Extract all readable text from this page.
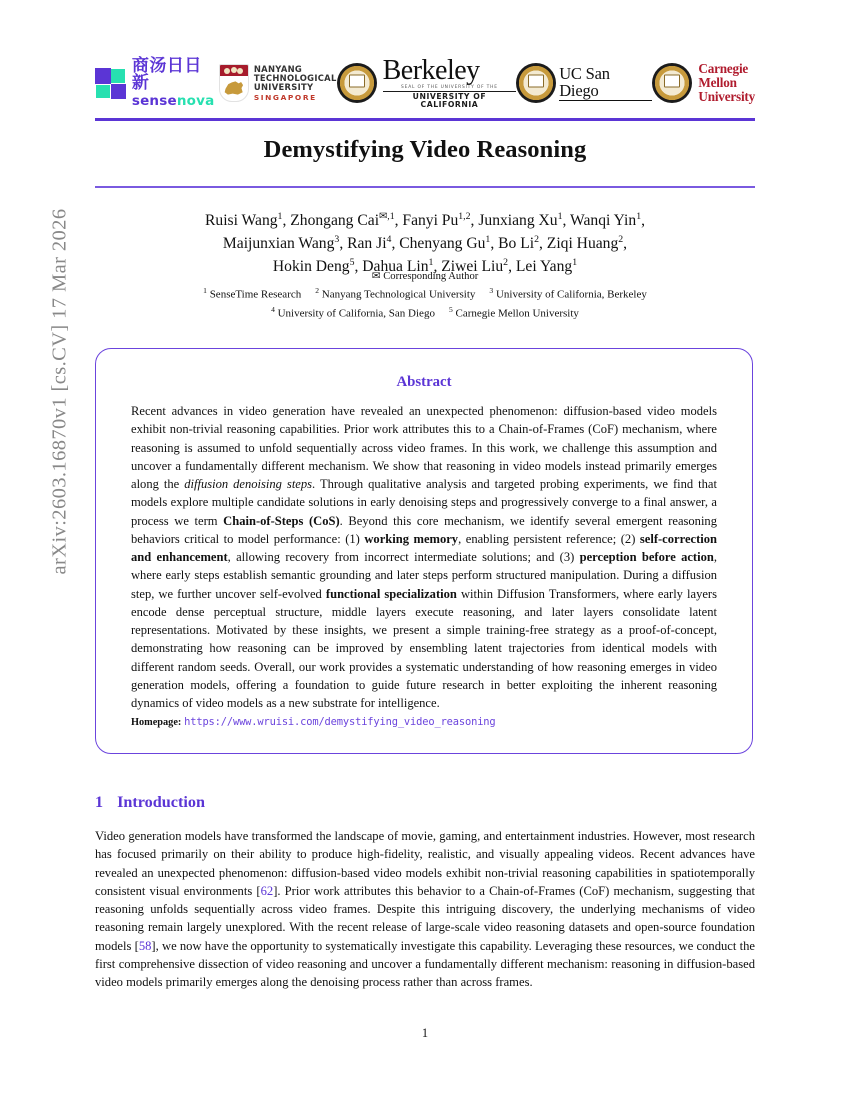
arXiv:2603.16870v1 [cs.CV] 17 Mar 2026
商汤日日新
sensenova
NANYANG
TECHNOLOGICAL
UNIVERSITY
SINGAPORE
Berkeley
SEAL OF THE UNIVERSITY OF THE
UNIVERSITY OF CALIFORNIA
UC San Diego
Carnegie
Mellon
University
Demystifying Video Reasoning
Ruisi Wang$^1$, Zhongang Cai$^{✉,1}$, Fanyi Pu$^{1,2}$, Junxiang Xu$^1$, Wanqi Yin$^1$,
Maijunxian Wang$^3$, Ran Ji$^4$, Chenyang Gu$^1$, Bo Li$^2$, Ziqi Huang$^2$,
Hokin Deng$^5$, Dahua Lin$^1$, Ziwei Liu$^2$, Lei Yang$^1$
✉ Corresponding Author
$^1$ SenseTime Research $^2$ Nanyang Technological University $^3$ University of California, Berkeley
$^4$ University of California, San Diego $^5$ Carnegie Mellon University
Abstract
Recent advances in video generation have revealed an unexpected phenomenon: diffusion-based video models exhibit non-trivial reasoning capabilities. Prior work attributes this to a Chain-of-Frames (CoF) mechanism, where reasoning is assumed to unfold sequentially across video frames. In this work, we challenge this assumption and uncover a fundamentally different mechanism. We show that reasoning in video models instead primarily emerges along the diffusion denoising steps. Through qualitative analysis and targeted probing experiments, we find that models explore multiple candidate solutions in early denoising steps and progressively converge to a final answer, a process we term Chain-of-Steps (CoS). Beyond this core mechanism, we identify several emergent reasoning behaviors critical to model performance: (1) working memory, enabling persistent reference; (2) self-correction and enhancement, allowing recovery from incorrect intermediate solutions; and (3) perception before action, where early steps establish semantic grounding and later steps perform structured manipulation. During a diffusion step, we further uncover self-evolved functional specialization within Diffusion Transformers, where early layers encode dense perceptual structure, middle layers execute reasoning, and later layers consolidate latent representations. Motivated by these insights, we present a simple training-free strategy as a proof-of-concept, demonstrating how reasoning can be improved by ensembling latent trajectories from identical models with different random seeds. Overall, our work provides a systematic understanding of how reasoning emerges in video generation models, offering a foundation to guide future research in better exploiting the inherent reasoning dynamics of video models as a new substrate for intelligence.
Homepage: https://www.wruisi.com/demystifying_video_reasoning
1 Introduction
Video generation models have transformed the landscape of movie, gaming, and entertainment industries. However, most research has focused primarily on their ability to produce high-fidelity, realistic, and visually appealing videos. Recent advances have revealed an unexpected phenomenon: diffusion-based video models exhibit non-trivial reasoning capabilities in spatiotemporally consistent visual environments [62]. Prior work attributes this behavior to a Chain-of-Frames (CoF) mechanism, suggesting that reasoning unfolds sequentially across video frames. Despite this intriguing discovery, the underlying mechanisms of video reasoning remain largely unexplored. With the recent release of large-scale video reasoning datasets and open-source foundation models [58], we now have the opportunity to systematically investigate this capability. Leveraging these resources, we conduct the first comprehensive dissection of video reasoning and uncover a fundamentally different mechanism: reasoning in diffusion-based video models primarily emerges along the denoising process rather than across frames.
1
